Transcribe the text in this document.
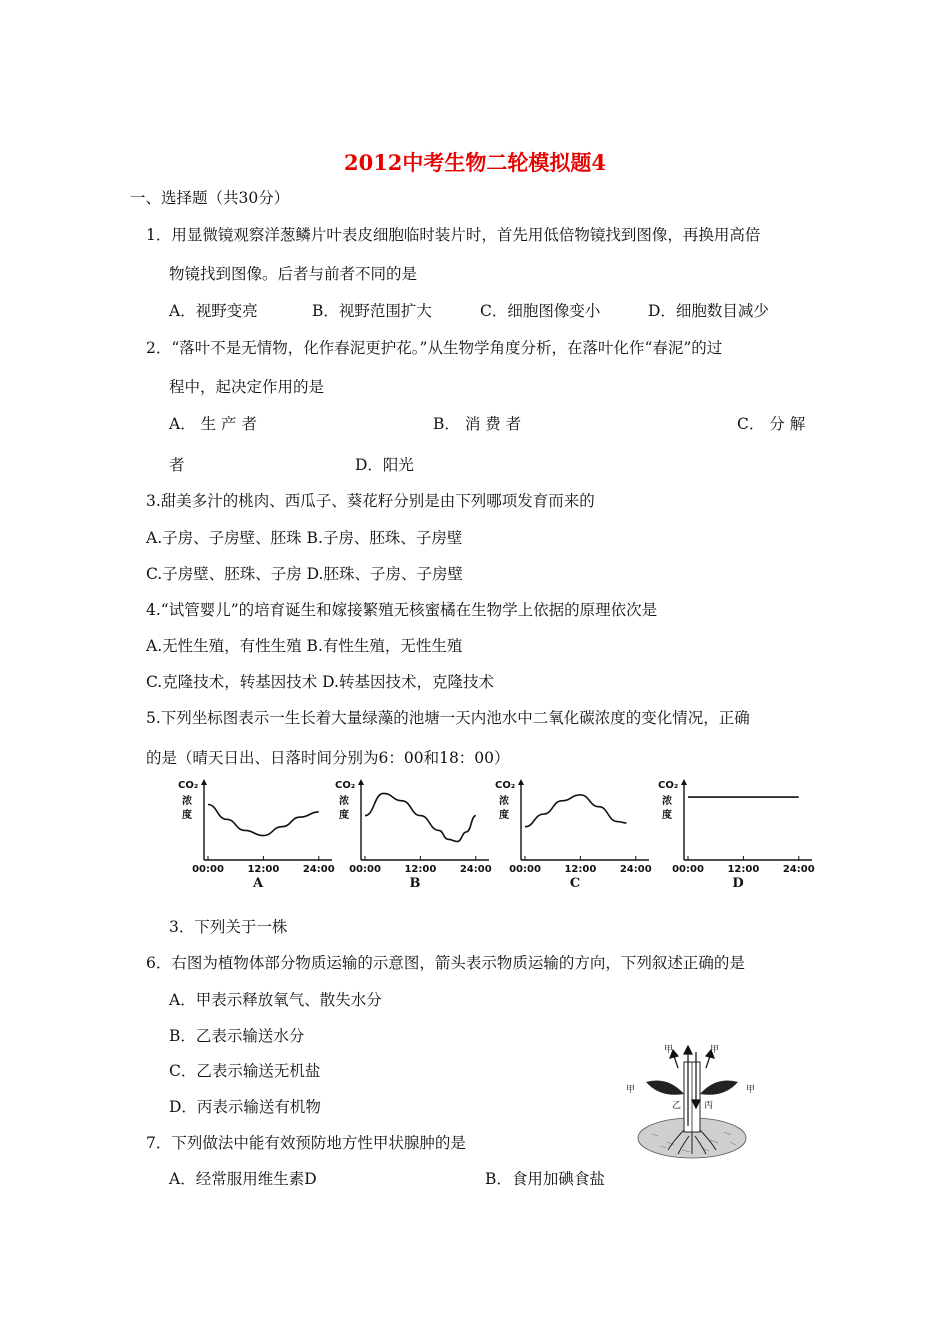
2012中考生物二轮模拟题4
一、选择题（共30分）
1．用显微镜观察洋葱鳞片叶表皮细胞临时装片时，首先用低倍物镜找到图像，再换用高倍
物镜找到图像。后者与前者不同的是
A．视野变亮	B．视野范围扩大	C．细胞图像变小	D．细胞数目减少
2．“落叶不是无情物，化作春泥更护花。”从生物学角度分析，在落叶化作“春泥”的过
程中，起决定作用的是
A． 生 产 者	B． 消 费 者	C． 分 解
者	D．阳光
3.甜美多汁的桃肉、西瓜子、葵花籽分别是由下列哪项发育而来的
A.子房、子房壁、胚珠 B.子房、胚珠、子房壁
C.子房壁、胚珠、子房 D.胚珠、子房、子房壁
4.“试管婴儿”的培育诞生和嫁接繁殖无核蜜橘在生物学上依据的原理依次是
A.无性生殖，有性生殖 B.有性生殖，无性生殖
C.克隆技术，转基因技术 D.转基因技术，克隆技术
5.下列坐标图表示一生长着大量绿藻的池塘一天内池水中二氧化碳浓度的变化情况，正确
的是（晴天日出、日落时间分别为6：00和18：00）
CO₂
浓
度
00:00 12:00 24:00
A
CO₂
浓
度
00:00 12:00 24:00
B
CO₂
浓
度
00:00 12:00 24:00
C
CO₂
浓
度
00:00 12:00 24:00
D
3．下列关于一株
6．右图为植物体部分物质运输的示意图，箭头表示物质运输的方向，下列叙述正确的是
A．甲表示释放氧气、散失水分
B．乙表示输送水分
C．乙表示输送无机盐
D．丙表示输送有机物
甲	甲
甲	甲
乙	丙
7．下列做法中能有效预防地方性甲状腺肿的是
A．经常服用维生素D	B．食用加碘食盐
